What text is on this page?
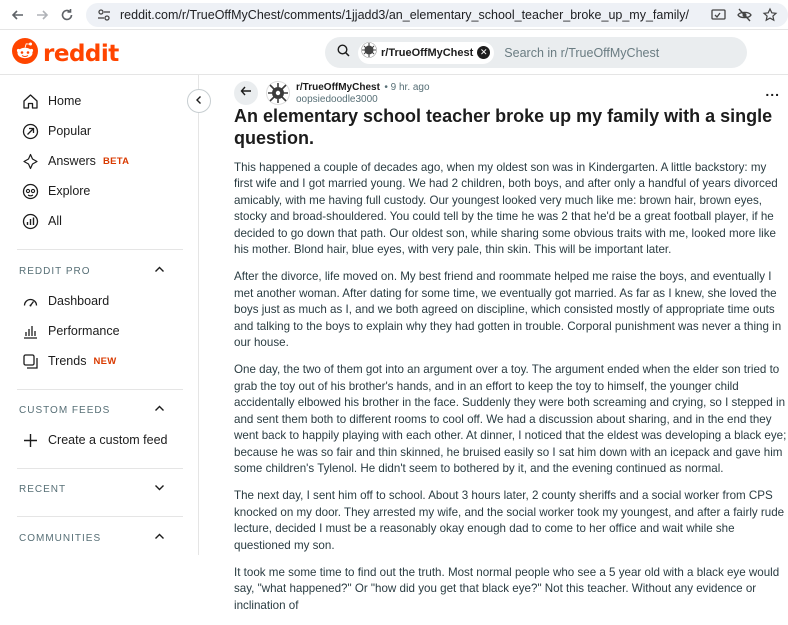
reddit.com/r/TrueOffMyChest/comments/1jjadd3/an_elementary_school_teacher_broke_up_my_family/
reddit	r/TrueOffMyChest ✕
Search in r/TrueOffMyChest
Home
Popular
Answers BETA
Explore
All
REDDIT PRO
Dashboard
Performance
Trends NEW
CUSTOM FEEDS
Create a custom feed
RECENT
COMMUNITIES
r/TrueOffMyChest • 9 hr. ago
oopsiedoodle3000
...
An elementary school teacher broke up my family with a single question.

This happened a couple of decades ago, when my oldest son was in Kindergarten. A little backstory: my first wife and I got married young. We had 2 children, both boys, and after only a handful of years divorced amicably, with me having full custody. Our youngest looked very much like me: brown hair, brown eyes, stocky and broad-shouldered. You could tell by the time he was 2 that he'd be a great football player, if he decided to go down that path. Our oldest son, while sharing some obvious traits with me, looked more like his mother. Blond hair, blue eyes, with very pale, thin skin. This will be important later.

After the divorce, life moved on. My best friend and roommate helped me raise the boys, and eventually I met another woman. After dating for some time, we eventually got married. As far as I knew, she loved the boys just as much as I, and we both agreed on discipline, which consisted mostly of appropriate time outs and talking to the boys to explain why they had gotten in trouble. Corporal punishment was never a thing in our house.

One day, the two of them got into an argument over a toy. The argument ended when the elder son tried to grab the toy out of his brother's hands, and in an effort to keep the toy to himself, the younger child accidentally elbowed his brother in the face. Suddenly they were both screaming and crying, so I stepped in and sent them both to different rooms to cool off. We had a discussion about sharing, and in the end they went back to happily playing with each other. At dinner, I noticed that the eldest was developing a black eye; because he was so fair and thin skinned, he bruised easily so I sat him down with an icepack and gave him some children's Tylenol. He didn't seem to bothered by it, and the evening continued as normal.

The next day, I sent him off to school. About 3 hours later, 2 county sheriffs and a social worker from CPS knocked on my door. They arrested my wife, and the social worker took my youngest, and after a fairly rude lecture, decided I must be a reasonably okay enough dad to come to her office and wait while she questioned my son.

It took me some time to find out the truth. Most normal people who see a 5 year old with a black eye would say, "what happened?" Or "how did you get that black eye?" Not this teacher. Without any evidence or inclination of
